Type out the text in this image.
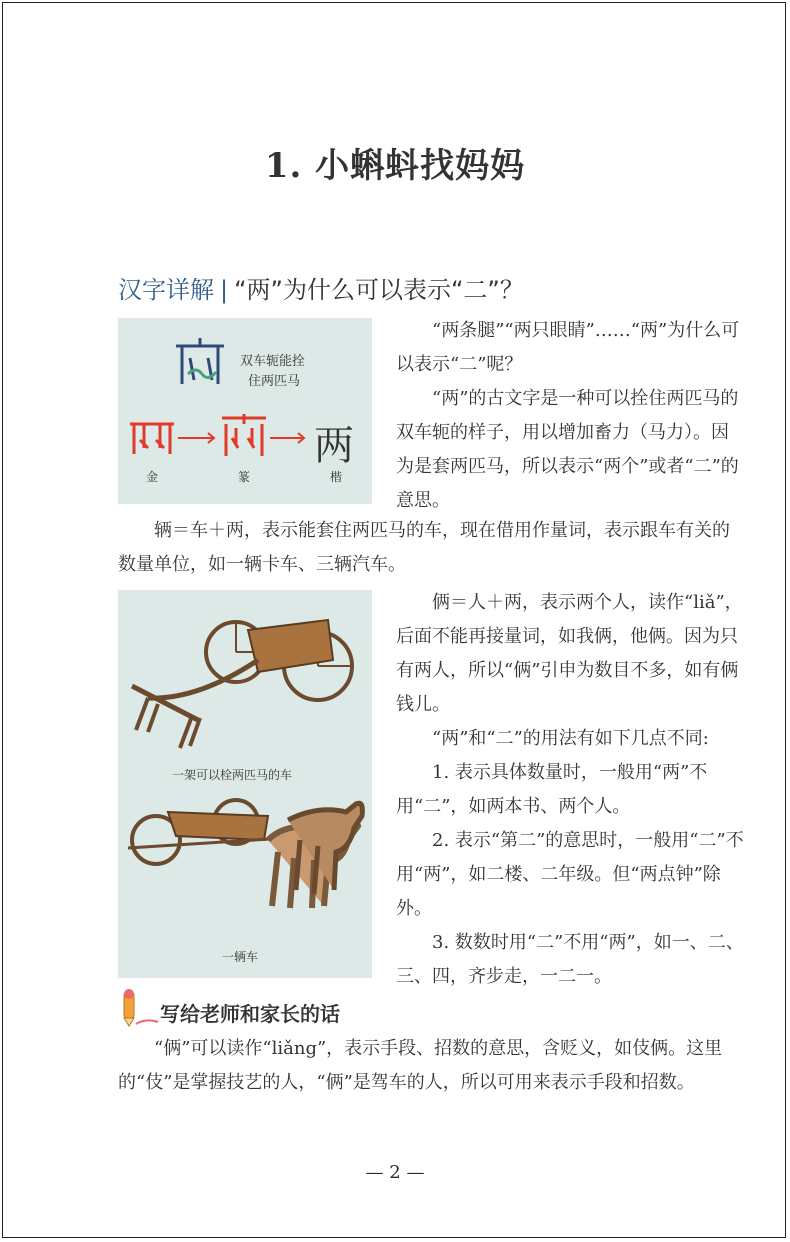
1. 小蝌蚪找妈妈
汉字详解 | “两”为什么可以表示“二”？
双车轭能拴
住两匹马
两
金	篆	楷

“两条腿”“两只眼睛”……“两”为什么可以表示“二”呢？

“两”的古文字是一种可以拴住两匹马的双车轭的样子，用以增加畜力（马力）。因为是套两匹马，所以表示“两个”或者“二”的意思。

辆＝车＋两，表示能套住两匹马的车，现在借用作量词，表示跟车有关的数量单位，如一辆卡车、三辆汽车。

一架可以栓两匹马的车
一辆车

俩＝人＋两，表示两个人，读作“liǎ”，后面不能再接量词，如我俩，他俩。因为只有两人，所以“俩”引申为数目不多，如有俩钱儿。

“两”和“二”的用法有如下几点不同:

1. 表示具体数量时，一般用“两”不用“二”，如两本书、两个人。

2. 表示“第二”的意思时，一般用“二”不用“两”，如二楼、二年级。但“两点钟”除外。

3. 数数时用“二”不用“两”，如一、二、三、四，齐步走，一二一。

写给老师和家长的话

“俩”可以读作“liǎng”，表示手段、招数的意思，含贬义，如伎俩。这里的“伎”是掌握技艺的人，“俩”是驾车的人，所以可用来表示手段和招数。

— 2 —
